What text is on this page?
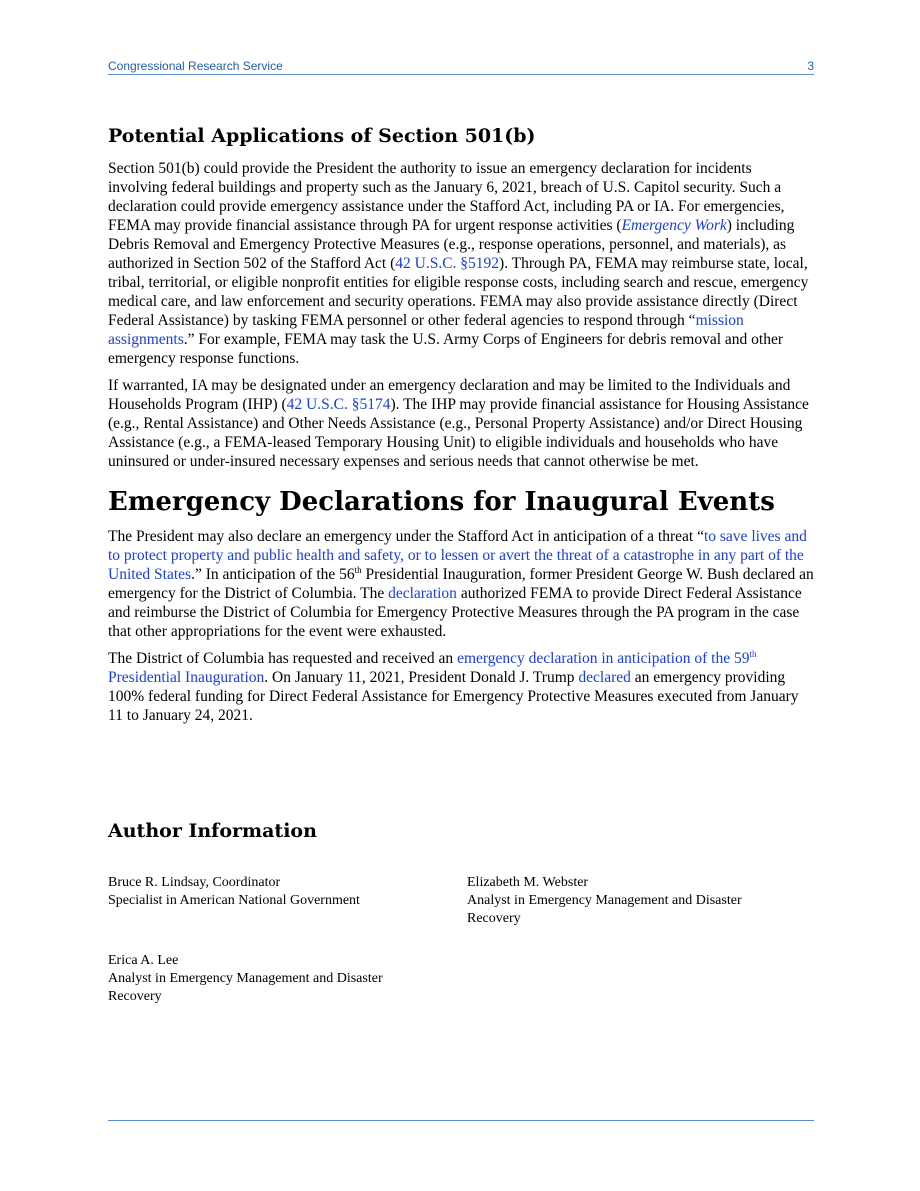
Congressional Research Service	3
Potential Applications of Section 501(b)

Section 501(b) could provide the President the authority to issue an emergency declaration for incidents involving federal buildings and property such as the January 6, 2021, breach of U.S. Capitol security. Such a declaration could provide emergency assistance under the Stafford Act, including PA or IA. For emergencies, FEMA may provide financial assistance through PA for urgent response activities (Emergency Work) including Debris Removal and Emergency Protective Measures (e.g., response operations, personnel, and materials), as authorized in Section 502 of the Stafford Act (42 U.S.C. §5192). Through PA, FEMA may reimburse state, local, tribal, territorial, or eligible nonprofit entities for eligible response costs, including search and rescue, emergency medical care, and law enforcement and security operations. FEMA may also provide assistance directly (Direct Federal Assistance) by tasking FEMA personnel or other federal agencies to respond through “mission assignments.” For example, FEMA may task the U.S. Army Corps of Engineers for debris removal and other emergency response functions.

If warranted, IA may be designated under an emergency declaration and may be limited to the Individuals and Households Program (IHP) (42 U.S.C. §5174). The IHP may provide financial assistance for Housing Assistance (e.g., Rental Assistance) and Other Needs Assistance (e.g., Personal Property Assistance) and/or Direct Housing Assistance (e.g., a FEMA-leased Temporary Housing Unit) to eligible individuals and households who have uninsured or under-insured necessary expenses and serious needs that cannot otherwise be met.

Emergency Declarations for Inaugural Events

The President may also declare an emergency under the Stafford Act in anticipation of a threat “to save lives and to protect property and public health and safety, or to lessen or avert the threat of a catastrophe in any part of the United States.” In anticipation of the 56th Presidential Inauguration, former President George W. Bush declared an emergency for the District of Columbia. The declaration authorized FEMA to provide Direct Federal Assistance and reimburse the District of Columbia for Emergency Protective Measures through the PA program in the case that other appropriations for the event were exhausted.

The District of Columbia has requested and received an emergency declaration in anticipation of the 59th Presidential Inauguration. On January 11, 2021, President Donald J. Trump declared an emergency providing 100% federal funding for Direct Federal Assistance for Emergency Protective Measures executed from January 11 to January 24, 2021.

Author Information
Bruce R. Lindsay, Coordinator
Specialist in American National Government
Elizabeth M. Webster
Analyst in Emergency Management and Disaster Recovery
Erica A. Lee
Analyst in Emergency Management and Disaster Recovery
